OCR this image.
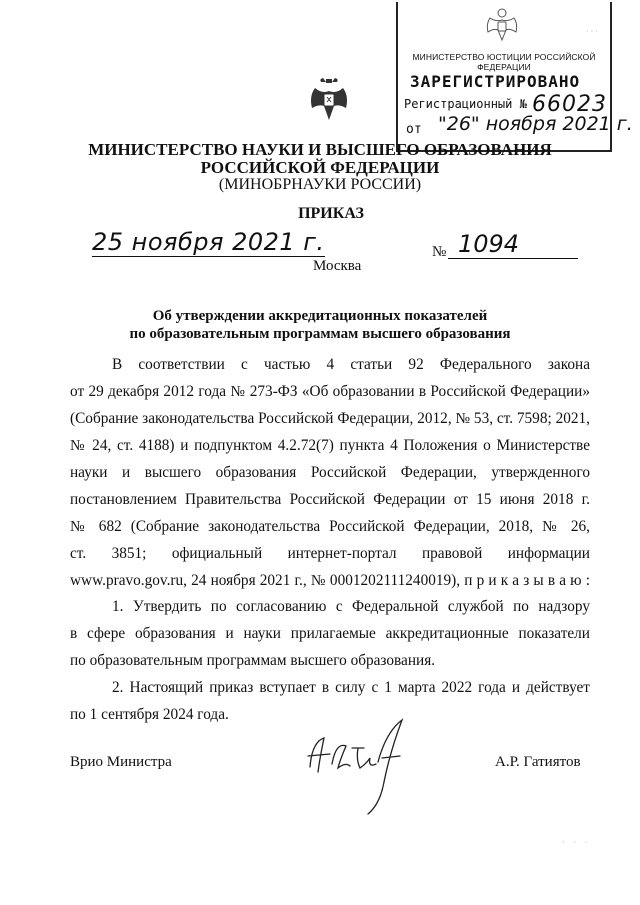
· · ·
МИНИСТЕРСТВО ЮСТИЦИИ РОССИЙСКОЙ ФЕДЕРАЦИИ
ЗАРЕГИСТРИРОВАНО
Регистрационный № 66023
от "26" ноября 2021 г.
МИНИСТЕРСТВО НАУКИ И ВЫСШЕГО ОБРАЗОВАНИЯ
РОССИЙСКОЙ ФЕДЕРАЦИИ
(МИНОБРНАУКИ РОССИИ)
ПРИКАЗ
25 ноября 2021 г.	№ 1094
Москва
Об утверждении аккредитационных показателей
по образовательным программам высшего образования
В соответствии с частью 4 статьи 92 Федерального закона
от 29 декабря 2012 года № 273-ФЗ «Об образовании в Российской Федерации»
(Собрание законодательства Российской Федерации, 2012, № 53, ст. 7598; 2021,
№ 24, ст. 4188) и подпунктом 4.2.72(7) пункта 4 Положения о Министерстве
науки и высшего образования Российской Федерации, утвержденного
постановлением Правительства Российской Федерации от 15 июня 2018 г.
№ 682 (Собрание законодательства Российской Федерации, 2018, № 26,
ст. 3851; официальный интернет-портал правовой информации
www.pravo.gov.ru, 24 ноября 2021 г., № 0001202111240019), п р и к а з ы в а ю :
1. Утвердить по согласованию с Федеральной службой по надзору
в сфере образования и науки прилагаемые аккредитационные показатели
по образовательным программам высшего образования.
2. Настоящий приказ вступает в силу с 1 марта 2022 года и действует
по 1 сентября 2024 года.
Врио Министра	А.Р. Гатиятов
· · ·
